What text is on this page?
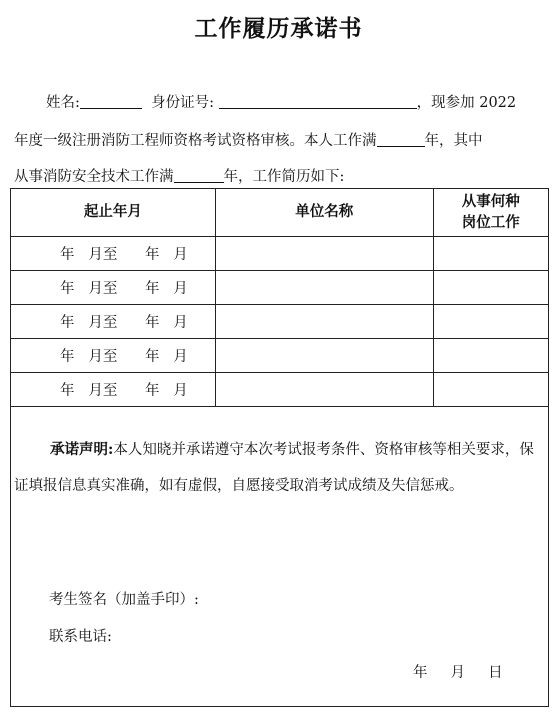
工作履历承诺书
姓名:	身份证号:	，现参加 2022
年度一级注册消防工程师资格考试资格审核。本人工作满	年，其中
从事消防安全技术工作满	年，工作简历如下:
起止年月	单位名称	从事何种
岗位工作
年   月至      年   月		
年   月至      年   月		
年   月至      年   月		
年   月至      年   月		
年   月至      年   月		
承诺声明:本人知晓并承诺遵守本次考试报考条件、资格审核等相关要求，保证填报信息真实准确，如有虚假，自愿接受取消考试成绩及失信惩戒。
考生签名（加盖手印）:
联系电话:
年     月     日
